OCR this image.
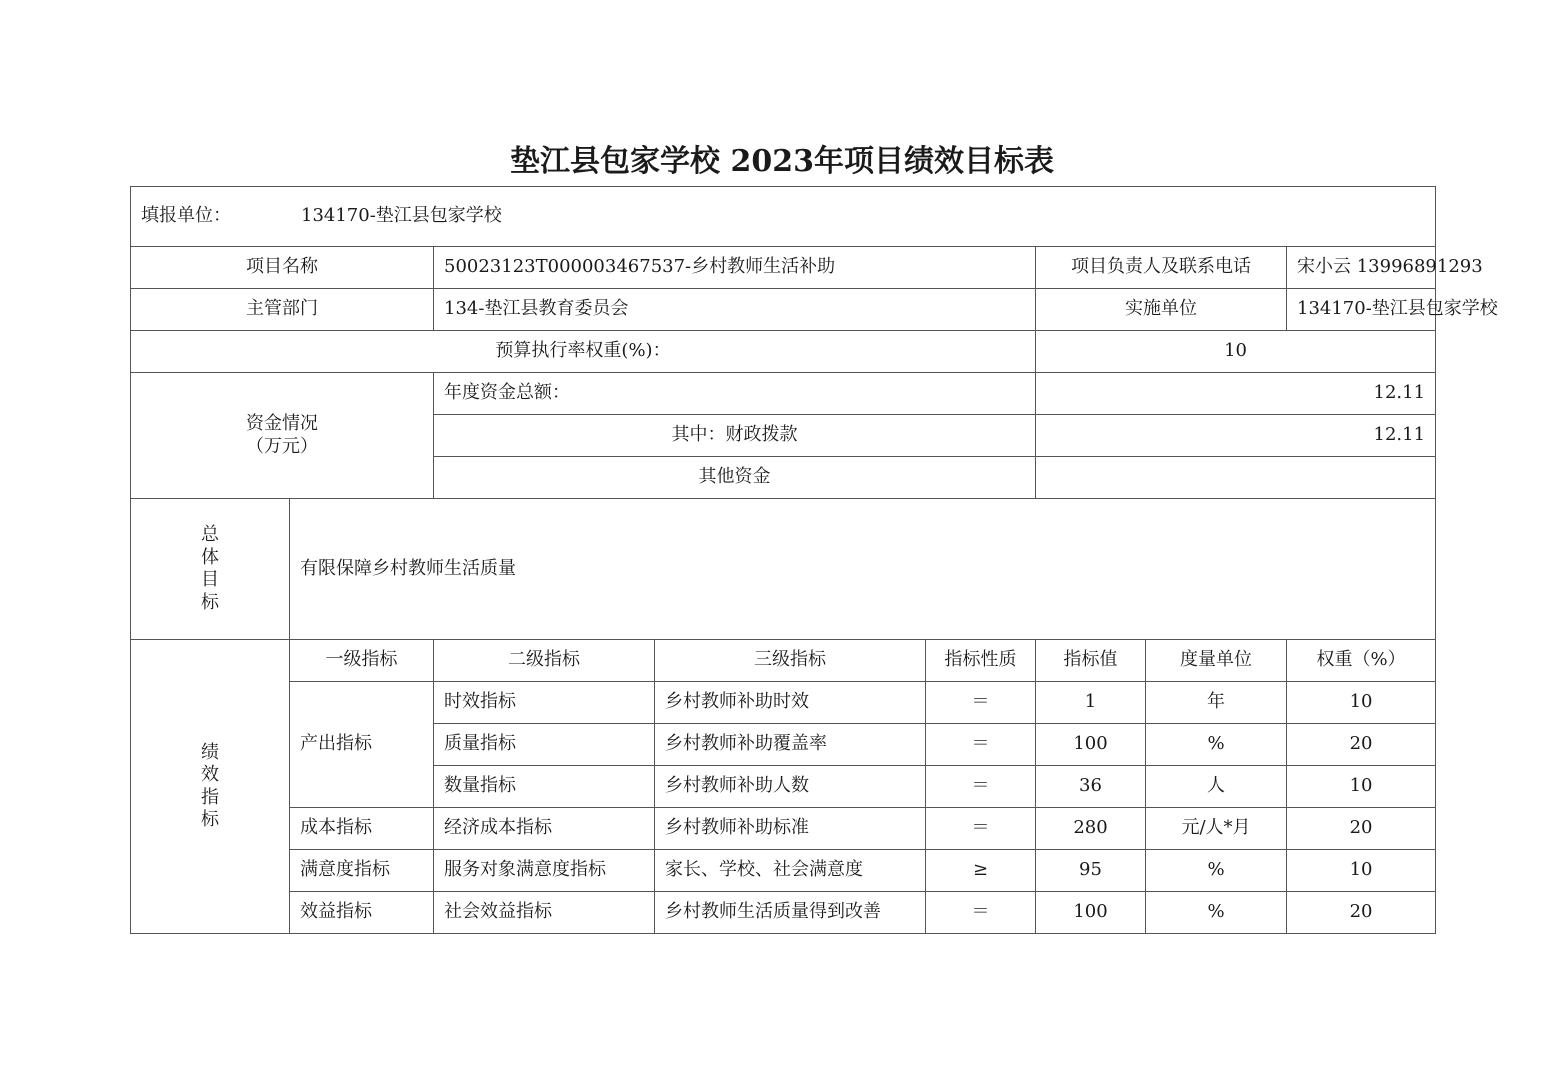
垫江县包家学校 2023年项目绩效目标表
填报单位： 134170-垫江县包家学校							
项目名称		50023123T000003467537-乡村教师生活补助			项目负责人及联系电话		宋小云 13996891293
主管部门		134-垫江县教育委员会			实施单位		134170-垫江县包家学校
预算执行率权重(%)：					10		

资金情况
（万元）		年度资金总额：			12.11		
		其中：财政拨款			12.11		
		其他资金					

总
体
目
标	有限保障乡村教师生活质量						

绩
效
指
标	一级指标	二级指标	三级指标	指标性质	指标值	度量单位	权重（%）
	产出指标	时效指标	乡村教师补助时效	＝	1	年	10
		质量指标	乡村教师补助覆盖率	＝	100	%	20
		数量指标	乡村教师补助人数	＝	36	人	10
	成本指标	经济成本指标	乡村教师补助标准	＝	280	元/人*月	20
	满意度指标	服务对象满意度指标	家长、学校、社会满意度	≥	95	%	10
	效益指标	社会效益指标	乡村教师生活质量得到改善	＝	100	%	20
